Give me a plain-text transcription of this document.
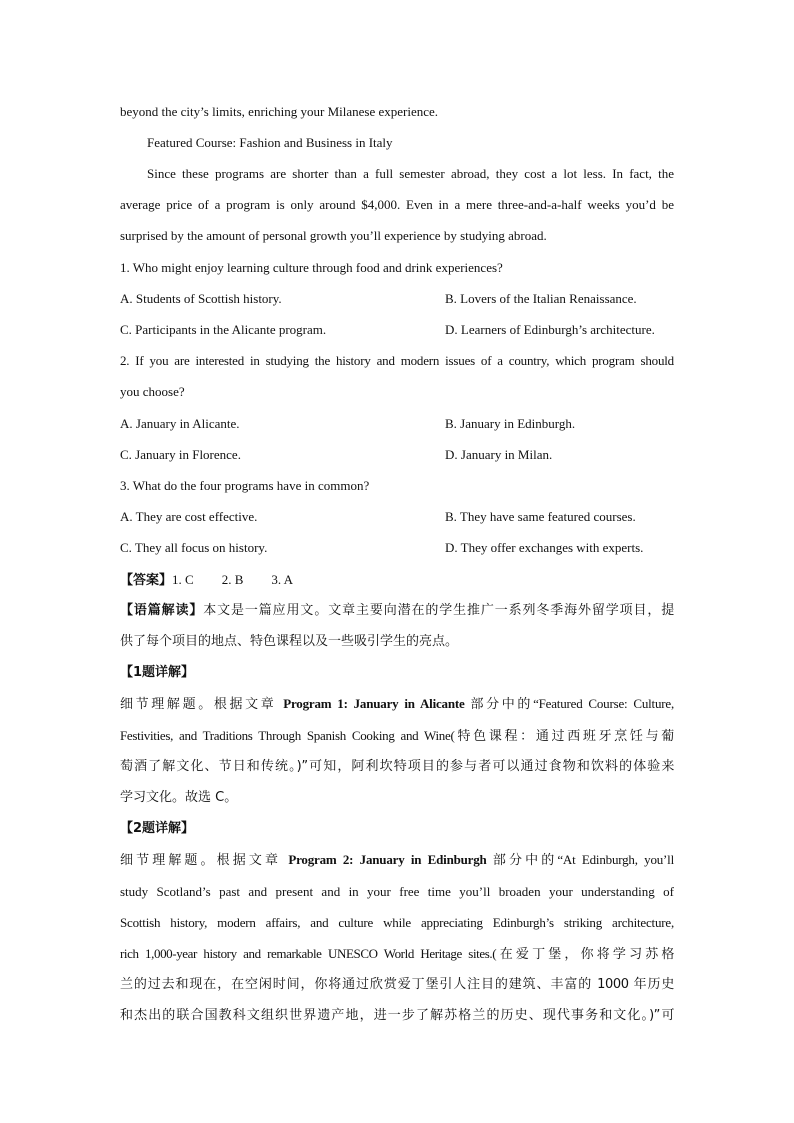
beyond the city’s limits, enriching your Milanese experience.
Featured Course: Fashion and Business in Italy
Since these programs are shorter than a full semester abroad, they cost a lot less. In fact, the
average price of a program is only around $4,000. Even in a mere three-and-a-half weeks you’d be
surprised by the amount of personal growth you’ll experience by studying abroad.
1. Who might enjoy learning culture through food and drink experiences?
A. Students of Scottish history.	B. Lovers of the Italian Renaissance.
C. Participants in the Alicante program.	D. Learners of Edinburgh’s architecture.
2. If you are interested in studying the history and modern issues of a country, which program should
you choose?
A. January in Alicante.	B. January in Edinburgh.
C. January in Florence.	D. January in Milan.
3. What do the four programs have in common?
A. They are cost effective.	B. They have same featured courses.
C. They all focus on history.	D. They offer exchanges with experts.
【答案】1. C 2. B 3. A
【语篇解读】本文是一篇应用文。文章主要向潜在的学生推广一系列冬季海外留学项目，提
供了每个项目的地点、特色课程以及一些吸引学生的亮点。
【1题详解】
细节理解题。根据文章 Program 1: January in Alicante 部分中的“Featured Course: Culture,
Festivities, and Traditions Through Spanish Cooking and Wine(特色课程：通过西班牙烹饪与葡
萄酒了解文化、节日和传统。)”可知，阿利坎特项目的参与者可以通过食物和饮料的体验来
学习文化。故选 C。
【2题详解】
细节理解题。根据文章 Program 2: January in Edinburgh 部分中的“At Edinburgh, you’ll
study Scotland’s past and present and in your free time you’ll broaden your understanding of
Scottish history, modern affairs, and culture while appreciating Edinburgh’s striking architecture,
rich 1,000-year history and remarkable UNESCO World Heritage sites.(在爱丁堡，你将学习苏格
兰的过去和现在，在空闲时间，你将通过欣赏爱丁堡引人注目的建筑、丰富的 1000 年历史
和杰出的联合国教科文组织世界遗产地，进一步了解苏格兰的历史、现代事务和文化。)”可
